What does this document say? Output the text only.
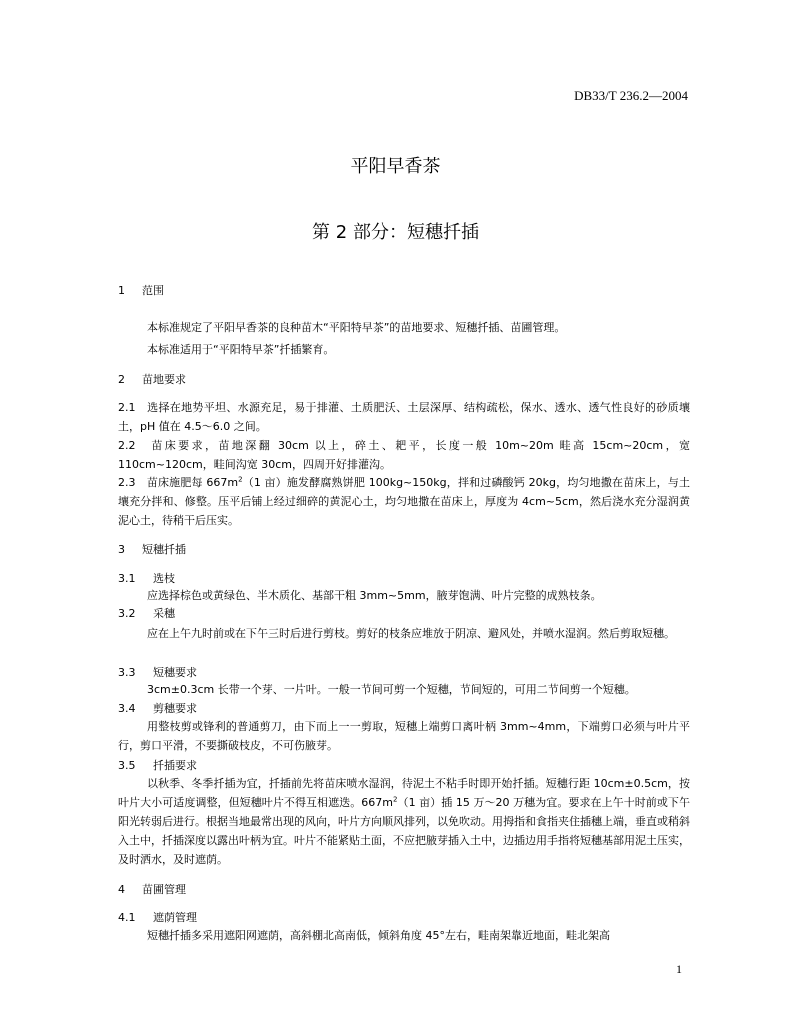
DB33/T 236.2—2004
平阳早香茶
第 2 部分：短穗扦插
1 范围
本标准规定了平阳早香茶的良种苗木“平阳特早茶”的苗地要求、短穗扦插、苗圃管理。
本标准适用于“平阳特早茶”扦插繁育。
2 苗地要求
2.1　选择在地势平坦、水源充足，易于排灌、土质肥沃、土层深厚、结构疏松，保水、透水、透气性良好的砂质壤土，pH 值在 4.5～6.0 之间。
2.2　苗床要求，苗地深翻 30cm 以上，碎土、耙平，长度一般 10m~20m 畦高 15cm~20cm，宽 110cm~120cm，畦间沟宽 30cm，四周开好排灌沟。
2.3　苗床施肥每 $667m^2(1$ 亩）施发酵腐熟饼肥 100kg~150kg，拌和过磷酸钙 20kg，均匀地撒在苗床上，与土壤充分拌和、修整。压平后铺上经过细碎的黄泥心土，均匀地撒在苗床上，厚度为 4cm~5cm，然后浇水充分湿润黄泥心土，待稍干后压实。
3 短穗扦插
3.1　 选枝
应选择棕色或黄绿色、半木质化、基部干粗 3mm~5mm，腋芽饱满、叶片完整的成熟枝条。
3.2　 采穗
应在上午九时前或在下午三时后进行剪枝。剪好的枝条应堆放于阴凉、避风处，并喷水湿润。然后剪取短穗。
3.3　 短穗要求
3cm±0.3cm 长带一个芽、一片叶。一般一节间可剪一个短穗，节间短的，可用二节间剪一个短穗。
3.4　 剪穗要求
用整枝剪或锋利的普通剪刀，由下而上一一剪取，短穗上端剪口离叶柄 3mm~4mm，下端剪口必须与叶片平行，剪口平滑，不要撕破枝皮，不可伤腋芽。
3.5　 扦插要求
以秋季、冬季扦插为宜，扦插前先将苗床喷水湿润，待泥土不粘手时即开始扦插。短穗行距 10cm±0.5cm，按叶片大小可适度调整，但短穗叶片不得互相遮迭。$667m^2(1$ 亩）插 15 万～20 万穗为宜。要求在上午十时前或下午阳光转弱后进行。根据当地最常出现的风向，叶片方向顺风排列，以免吹动。用拇指和食指夹住插穗上端，垂直或稍斜入土中，扦插深度以露出叶柄为宜。叶片不能紧贴土面，不应把腋芽插入土中，边插边用手指将短穗基部用泥土压实，及时洒水，及时遮荫。
4 苗圃管理
4.1　 遮荫管理
短穗扦插多采用遮阳网遮荫，高斜棚北高南低，倾斜角度 45°左右，畦南架靠近地面，畦北架高
1
